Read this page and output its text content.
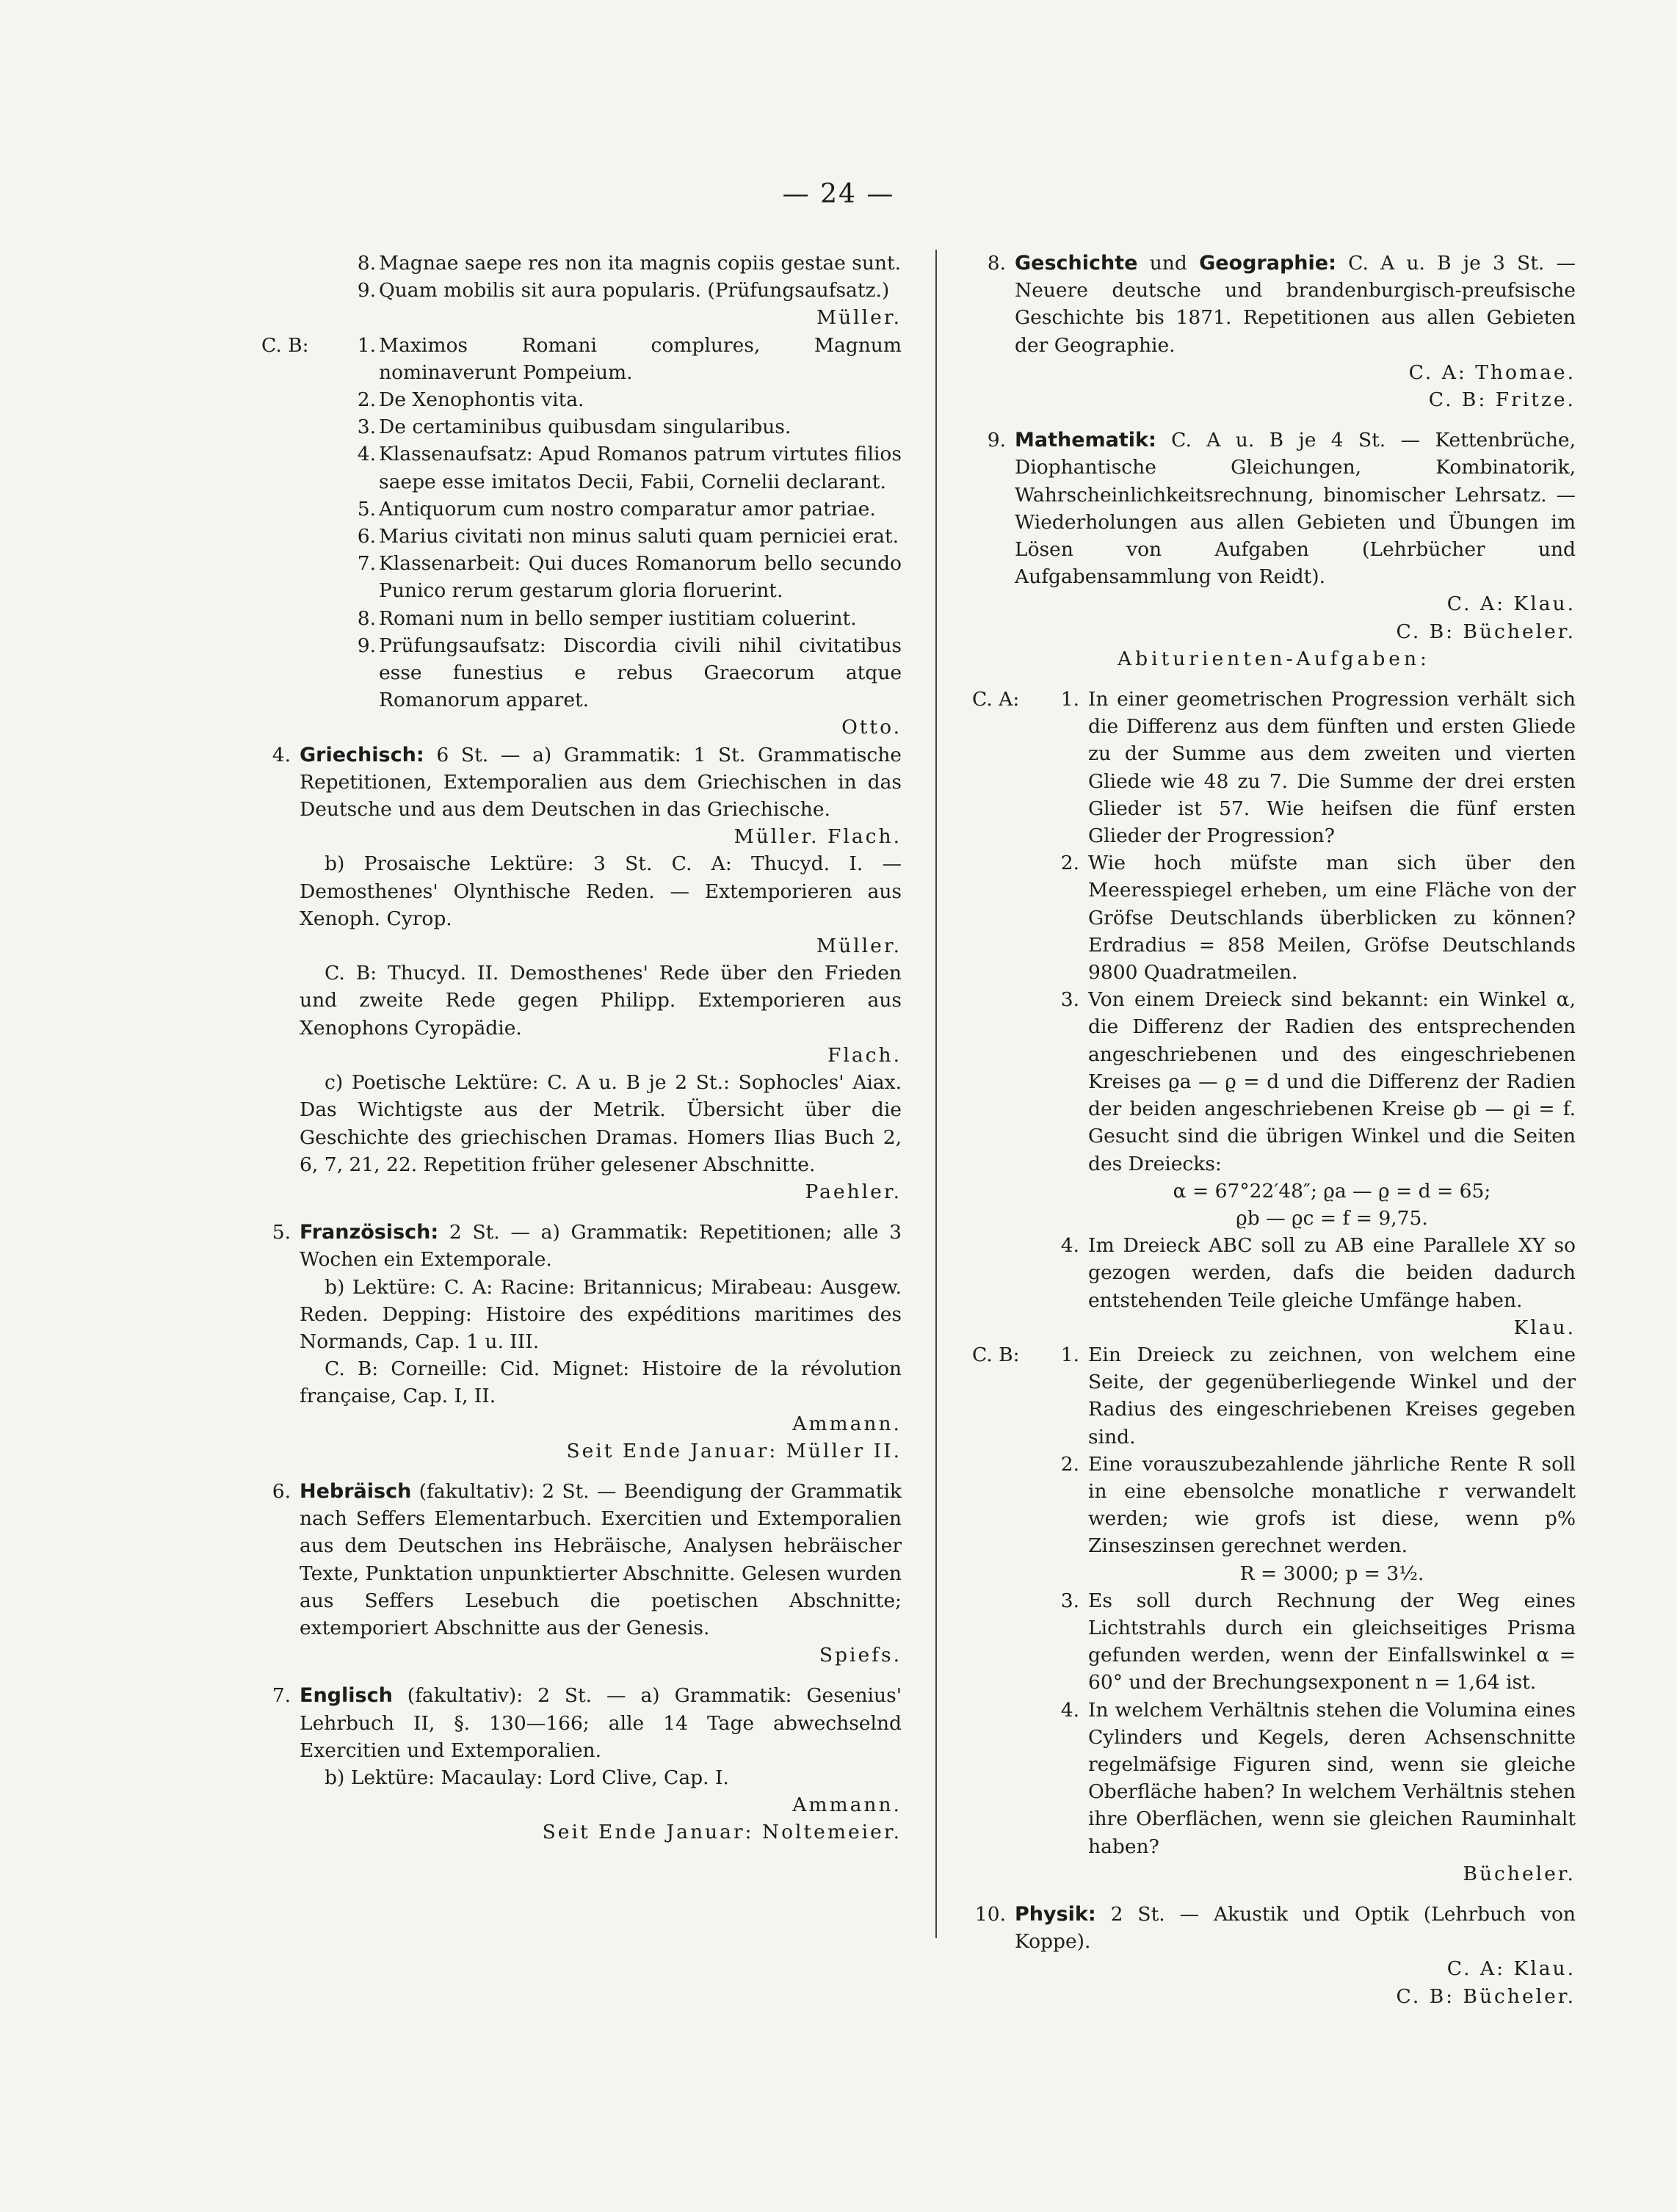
— 24 —
8. Magnae saepe res non ita magnis copiis gestae sunt.
9. Quam mobilis sit aura popularis. (Prüfungsaufsatz.)
Müller.
C. B:	1. Maximos Romani complures, Magnum nominaverunt Pompeium.
2. De Xenophontis vita.
3. De certaminibus quibusdam singularibus.
4. Klassenaufsatz: Apud Romanos patrum virtutes filios saepe esse imitatos Decii, Fabii, Cornelii declarant.
5. Antiquorum cum nostro comparatur amor patriae.
6. Marius civitati non minus saluti quam perniciei erat.
7. Klassenarbeit: Qui duces Romanorum bello secundo Punico rerum gestarum gloria floruerint.
8. Romani num in bello semper iustitiam coluerint.
9. Prüfungsaufsatz: Discordia civili nihil civitatibus esse funestius e rebus Graecorum atque Romanorum apparet.
Otto.
4. Griechisch: 6 St. — a) Grammatik: 1 St. Grammatische Repetitionen, Extemporalien aus dem Griechischen in das Deutsche und aus dem Deutschen in das Griechische.
Müller. Flach.
b) Prosaische Lektüre: 3 St. C. A: Thucyd. I. — Demosthenes' Olynthische Reden. — Extemporieren aus Xenoph. Cyrop.
Müller.
C. B: Thucyd. II. Demosthenes' Rede über den Frieden und zweite Rede gegen Philipp. Extemporieren aus Xenophons Cyropädie.
Flach.
c) Poetische Lektüre: C. A u. B je 2 St.: Sophocles' Aiax. Das Wichtigste aus der Metrik. Übersicht über die Geschichte des griechischen Dramas. Homers Ilias Buch 2, 6, 7, 21, 22. Repetition früher gelesener Abschnitte.
Paehler.
5. Französisch: 2 St. — a) Grammatik: Repetitionen; alle 3 Wochen ein Extemporale.
b) Lektüre: C. A: Racine: Britannicus; Mirabeau: Ausgew. Reden. Depping: Histoire des expéditions maritimes des Normands, Cap. 1 u. III.
C. B: Corneille: Cid. Mignet: Histoire de la révolution française, Cap. I, II.
Ammann.
Seit Ende Januar: Müller II.
6. Hebräisch (fakultativ): 2 St. — Beendigung der Grammatik nach Seffers Elementarbuch. Exercitien und Extemporalien aus dem Deutschen ins Hebräische, Analysen hebräischer Texte, Punktation unpunktierter Abschnitte. Gelesen wurden aus Seffers Lesebuch die poetischen Abschnitte; extemporiert Abschnitte aus der Genesis.
Spiefs.
7. Englisch (fakultativ): 2 St. — a) Grammatik: Gesenius' Lehrbuch II, §. 130—166; alle 14 Tage abwechselnd Exercitien und Extemporalien.
b) Lektüre: Macaulay: Lord Clive, Cap. I.
Ammann.
Seit Ende Januar: Noltemeier.
8. Geschichte und Geographie: C. A u. B je 3 St. — Neuere deutsche und brandenburgisch-preufsische Geschichte bis 1871. Repetitionen aus allen Gebieten der Geographie.
C. A: Thomae.
C. B: Fritze.
9. Mathematik: C. A u. B je 4 St. — Kettenbrüche, Diophantische Gleichungen, Kombinatorik, Wahrscheinlichkeitsrechnung, binomischer Lehrsatz. — Wiederholungen aus allen Gebieten und Übungen im Lösen von Aufgaben (Lehrbücher und Aufgabensammlung von Reidt).
C. A: Klau.
C. B: Bücheler.
Abiturienten-Aufgaben:
C. A:	1. In einer geometrischen Progression verhält sich die Differenz aus dem fünften und ersten Gliede zu der Summe aus dem zweiten und vierten Gliede wie 48 zu 7. Die Summe der drei ersten Glieder ist 57. Wie heifsen die fünf ersten Glieder der Progression?
2. Wie hoch müfste man sich über den Meeresspiegel erheben, um eine Fläche von der Gröfse Deutschlands überblicken zu können? Erdradius = 858 Meilen, Gröfse Deutschlands 9800 Quadratmeilen.
3. Von einem Dreieck sind bekannt: ein Winkel α, die Differenz der Radien des entsprechenden angeschriebenen und des eingeschriebenen Kreises ϱa — ϱ = d und die Differenz der Radien der beiden angeschriebenen Kreise ϱb — ϱi = f. Gesucht sind die übrigen Winkel und die Seiten des Dreiecks:
α = 67°22′48″; ϱa — ϱ = d = 65;
ϱb — ϱc = f = 9,75.
4. Im Dreieck ABC soll zu AB eine Parallele XY so gezogen werden, dafs die beiden dadurch entstehenden Teile gleiche Umfänge haben.
Klau.
C. B:	1. Ein Dreieck zu zeichnen, von welchem eine Seite, der gegenüberliegende Winkel und der Radius des eingeschriebenen Kreises gegeben sind.
2. Eine vorauszubezahlende jährliche Rente R soll in eine ebensolche monatliche r verwandelt werden; wie grofs ist diese, wenn p% Zinseszinsen gerechnet werden.
R = 3000; p = 3½.
3. Es soll durch Rechnung der Weg eines Lichtstrahls durch ein gleichseitiges Prisma gefunden werden, wenn der Einfallswinkel α = 60° und der Brechungsexponent n = 1,64 ist.
4. In welchem Verhältnis stehen die Volumina eines Cylinders und Kegels, deren Achsenschnitte regelmäfsige Figuren sind, wenn sie gleiche Oberfläche haben? In welchem Verhältnis stehen ihre Oberflächen, wenn sie gleichen Rauminhalt haben?
Bücheler.
10. Physik: 2 St. — Akustik und Optik (Lehrbuch von Koppe).
C. A: Klau.
C. B: Bücheler.
